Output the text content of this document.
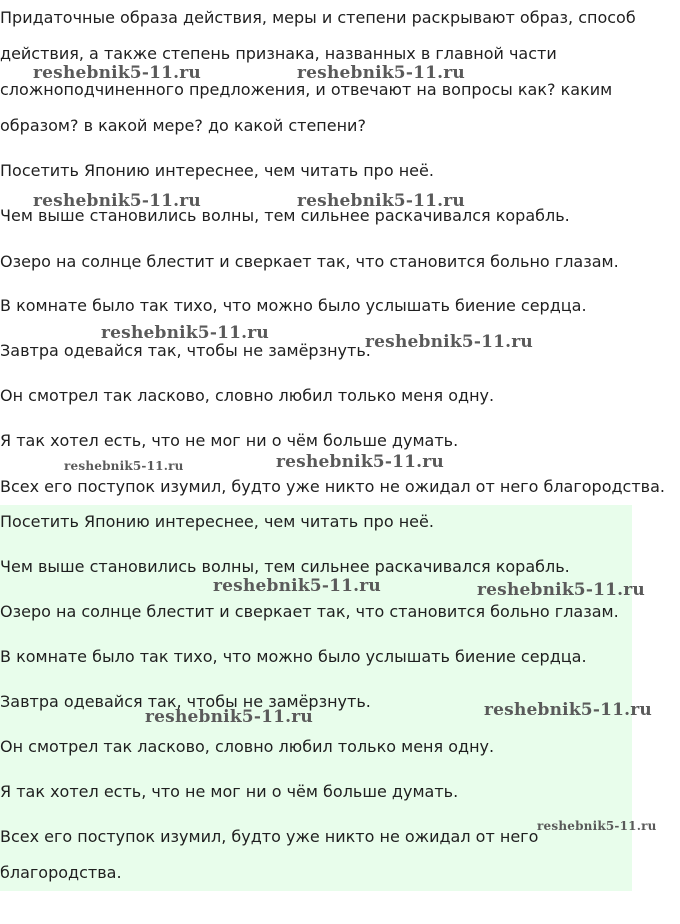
Придаточные образа действия, меры и степени раскрывают образ, способ
действия, а также степень признака, названных в главной части
сложноподчиненного предложения, и отвечают на вопросы как? каким
образом? в какой мере? до какой степени?
Посетить Японию интереснее, чем читать про неё.
Чем выше становились волны, тем сильнее раскачивался корабль.
Озеро на солнце блестит и сверкает так, что становится больно глазам.
В комнате было так тихо, что можно было услышать биение сердца.
Завтра одевайся так, чтобы не замёрзнуть.
Он смотрел так ласково, словно любил только меня одну.
Я так хотел есть, что не мог ни о чём больше думать.
Всех его поступок изумил, будто уже никто не ожидал от него благородства.
Посетить Японию интереснее, чем читать про неё.
Чем выше становились волны, тем сильнее раскачивался корабль.
Озеро на солнце блестит и сверкает так, что становится больно глазам.
В комнате было так тихо, что можно было услышать биение сердца.
Завтра одевайся так, чтобы не замёрзнуть.
Он смотрел так ласково, словно любил только меня одну.
Я так хотел есть, что не мог ни о чём больше думать.
Всех его поступок изумил, будто уже никто не ожидал от него
благородства.
reshebnik5-11.ru	reshebnik5-11.ru
reshebnik5-11.ru	reshebnik5-11.ru
reshebnik5-11.ru	reshebnik5-11.ru
reshebnik5-11.ru	reshebnik5-11.ru
reshebnik5-11.ru	reshebnik5-11.ru
reshebnik5-11.ru	reshebnik5-11.ru
reshebnik5-11.ru
